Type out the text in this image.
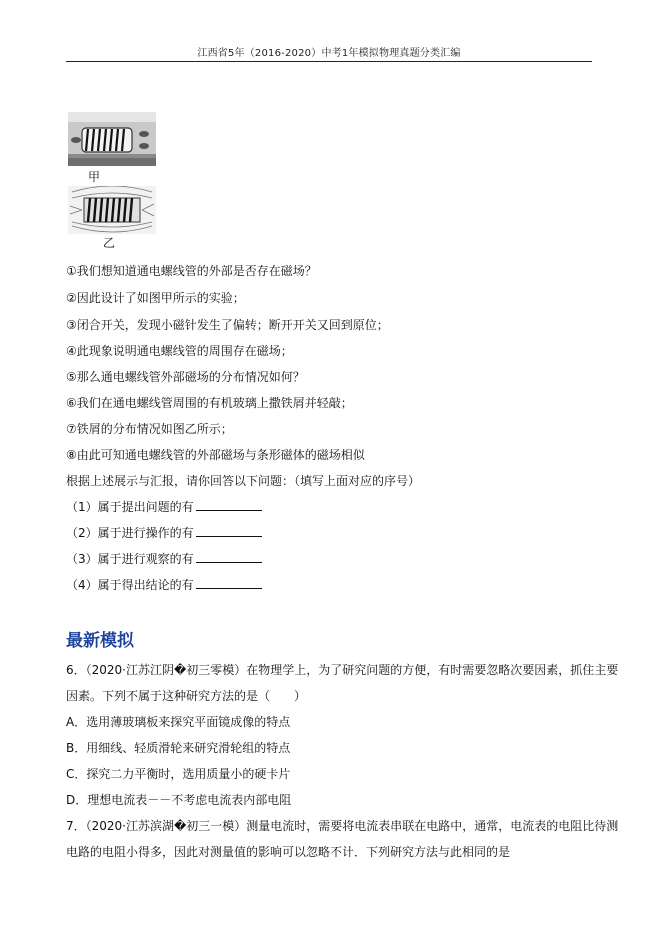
江西省5年（2016-2020）中考1年模拟物理真题分类汇编
甲
乙
①我们想知道通电螺线管的外部是否存在磁场？
②因此设计了如图甲所示的实验；
③闭合开关，发现小磁针发生了偏转；断开开关又回到原位；
④此现象说明通电螺线管的周围存在磁场；
⑤那么通电螺线管外部磁场的分布情况如何？
⑥我们在通电螺线管周围的有机玻璃上撒铁屑并轻敲；
⑦铁屑的分布情况如图乙所示；
⑧由此可知通电螺线管的外部磁场与条形磁体的磁场相似
根据上述展示与汇报，请你回答以下问题：（填写上面对应的序号）
（1）属于提出问题的有
（2）属于进行操作的有
（3）属于进行观察的有
（4）属于得出结论的有
最新模拟
6．（2020·江苏江阴�初三零模）在物理学上，为了研究问题的方便，有时需要忽略次要因素，抓住主要
因素。下列不属于这种研究方法的是（　　）
A．选用薄玻璃板来探究平面镜成像的特点
B．用细线、轻质滑轮来研究滑轮组的特点
C．探究二力平衡时，选用质量小的硬卡片
D．理想电流表－－不考虑电流表内部电阻
7．（2020·江苏滨湖�初三一模）测量电流时，需要将电流表串联在电路中，通常，电流表的电阻比待测
电路的电阻小得多，因此对测量值的影响可以忽略不计．下列研究方法与此相同的是
